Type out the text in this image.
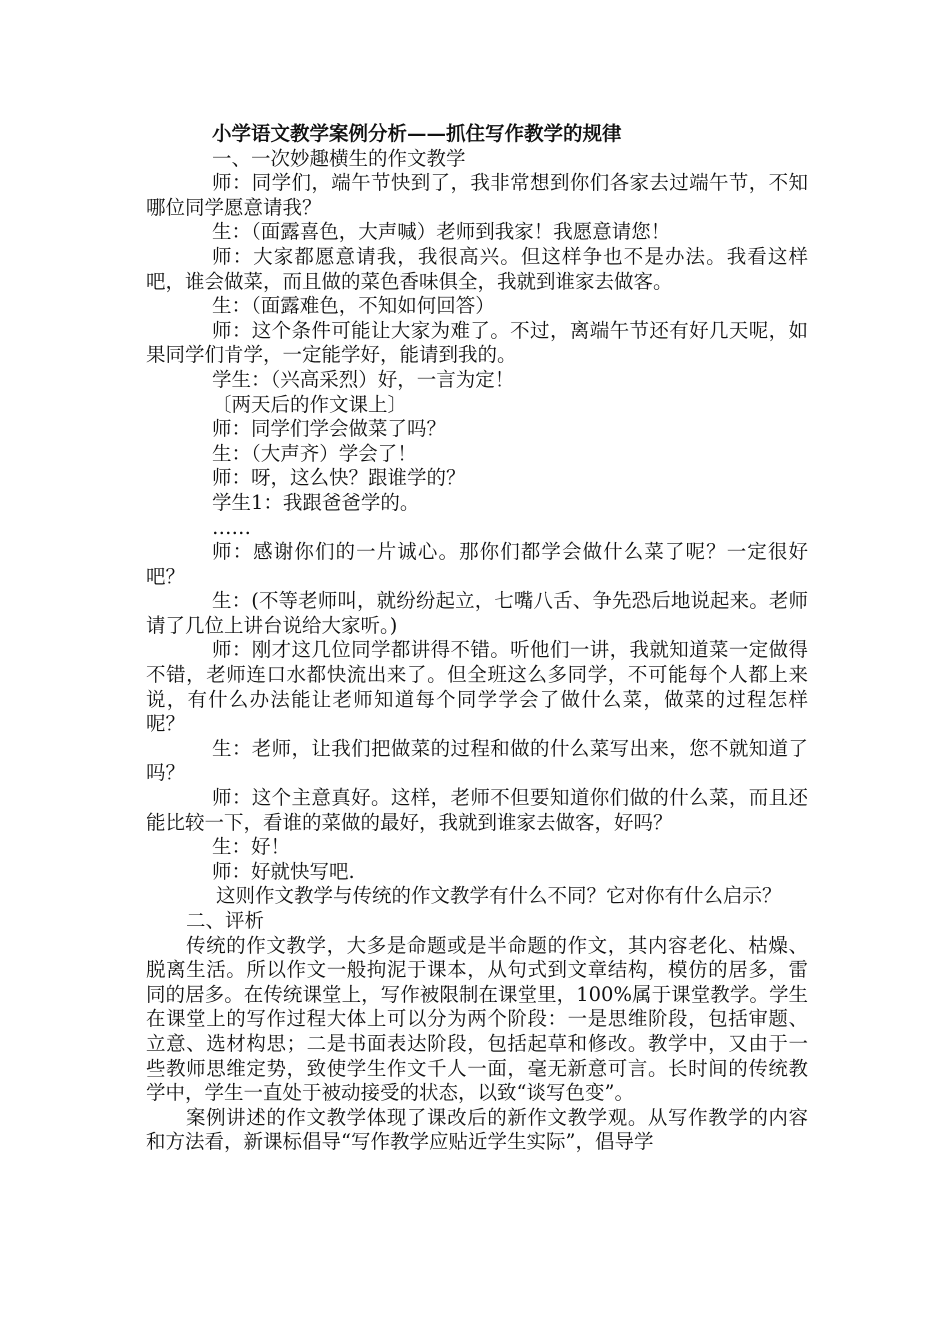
小学语文教学案例分析——抓住写作教学的规律

一、一次妙趣横生的作文教学

师：同学们，端午节快到了，我非常想到你们各家去过端午节，不知哪位同学愿意请我？

生：（面露喜色，大声喊）老师到我家！我愿意请您！

师：大家都愿意请我，我很高兴。但这样争也不是办法。我看这样吧，谁会做菜，而且做的菜色香味俱全，我就到谁家去做客。

生：（面露难色，不知如何回答）

师：这个条件可能让大家为难了。不过，离端午节还有好几天呢，如果同学们肯学，一定能学好，能请到我的。

学生：（兴高采烈）好，一言为定！

〔两天后的作文课上〕

师：同学们学会做菜了吗？

生：（大声齐）学会了！

师：呀，这么快？跟谁学的？

学生1：我跟爸爸学的。

……

师：感谢你们的一片诚心。那你们都学会做什么菜了呢？一定很好吧？

生：(不等老师叫，就纷纷起立，七嘴八舌、争先恐后地说起来。老师请了几位上讲台说给大家听。)

师：刚才这几位同学都讲得不错。听他们一讲，我就知道菜一定做得不错，老师连口水都快流出来了。但全班这么多同学，不可能每个人都上来说，有什么办法能让老师知道每个同学学会了做什么菜，做菜的过程怎样呢？

生：老师，让我们把做菜的过程和做的什么菜写出来，您不就知道了吗？

师：这个主意真好。这样，老师不但要知道你们做的什么菜，而且还能比较一下，看谁的菜做的最好，我就到谁家去做客，好吗？

生：好！

师：好就快写吧.

这则作文教学与传统的作文教学有什么不同？它对你有什么启示？

二、评析

传统的作文教学，大多是命题或是半命题的作文，其内容老化、枯燥、脱离生活。所以作文一般拘泥于课本，从句式到文章结构，模仿的居多，雷同的居多。在传统课堂上，写作被限制在课堂里，100%属于课堂教学。学生在课堂上的写作过程大体上可以分为两个阶段：一是思维阶段，包括审题、立意、选材构思；二是书面表达阶段，包括起草和修改。教学中，又由于一些教师思维定势，致使学生作文千人一面，毫无新意可言。长时间的传统教学中，学生一直处于被动接受的状态，以致“谈写色变”。

案例讲述的作文教学体现了课改后的新作文教学观。从写作教学的内容和方法看，新课标倡导“写作教学应贴近学生实际”，倡导学
